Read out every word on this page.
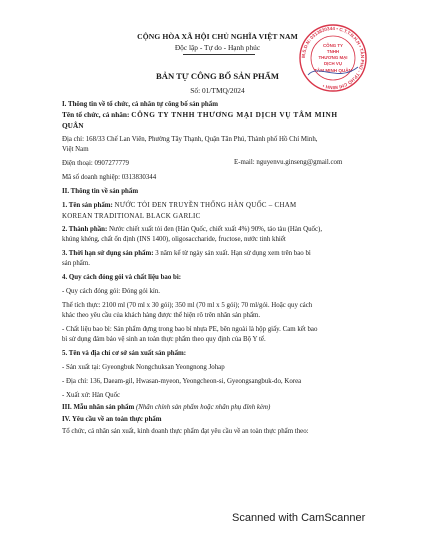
CỘNG HÒA XÃ HỘI CHỦ NGHĨA VIỆT NAM
Độc lập - Tự do - Hạnh phúc
M.S.D.N: 0313830344 • C.T.T.N.H.H • TÂN PHÚ - TP.HỒ CHÍ MINH •
CÔNG TY
TNHH
THƯƠNG MẠI
DỊCH VỤ
TÂM MINH QUÂN
BẢN TỰ CÔNG BỐ SẢN PHẨM
Số: 01/TMQ/2024
I. Thông tin về tổ chức, cá nhân tự công bố sản phẩm
Tên tổ chức, cá nhân: CÔNG TY TNHH THƯƠNG MẠI DỊCH VỤ TÂM MINH
QUÂN
Địa chỉ: 168/33 Chế Lan Viên, Phường Tây Thạnh, Quận Tân Phú, Thành phố Hồ Chí Minh,
Việt Nam
Điện thoại: 0907277779	E-mail: nguyenvu.ginseng@gmail.com
Mã số doanh nghiệp: 0313830344
II. Thông tin về sản phẩm
1. Tên sản phẩm: NƯỚC TỎI ĐEN TRUYỀN THỐNG HÀN QUỐC – CHAM
KOREAN TRADITIONAL BLACK GARLIC
2. Thành phần: Nước chiết xuất tỏi đen (Hàn Quốc, chiết xuất 4%) 90%, táo tàu (Hàn Quốc),
khúng khéng, chất ổn định (INS 1400), oligosaccharide, fructose, nước tinh khiết
3. Thời hạn sử dụng sản phẩm: 3 năm kể từ ngày sản xuất. Hạn sử dụng xem trên bao bì
sản phẩm.
4. Quy cách đóng gói và chất liệu bao bì:
- Quy cách đóng gói: Đóng gói kín.
Thể tích thực: 2100 ml (70 ml x 30 gói); 350 ml (70 ml x 5 gói); 70 ml/gói. Hoặc quy cách
khác theo yêu cầu của khách hàng được thể hiện rõ trên nhãn sản phẩm.
- Chất liệu bao bì: Sản phẩm đựng trong bao bì nhựa PE, bên ngoài là hộp giấy. Cam kết bao
bì sử dụng đảm bảo vệ sinh an toàn thực phẩm theo quy định của Bộ Y tế.
5. Tên và địa chỉ cơ sở sản xuất sản phẩm:
- Sản xuất tại: Gyeongbuk Nongchuksan Yeongnong Johap
- Địa chỉ: 136, Daeam-gil, Hwasan-myeon, Yeongcheon-si, Gyeongsangbuk-do, Korea
- Xuất xứ: Hàn Quốc
III. Mẫu nhãn sản phẩm (Nhãn chính sản phẩm hoặc nhãn phụ đính kèm)
IV. Yêu cầu về an toàn thực phẩm
Tổ chức, cá nhân sản xuất, kinh doanh thực phẩm đạt yêu cầu về an toàn thực phẩm theo:
Scanned with CamScanner
